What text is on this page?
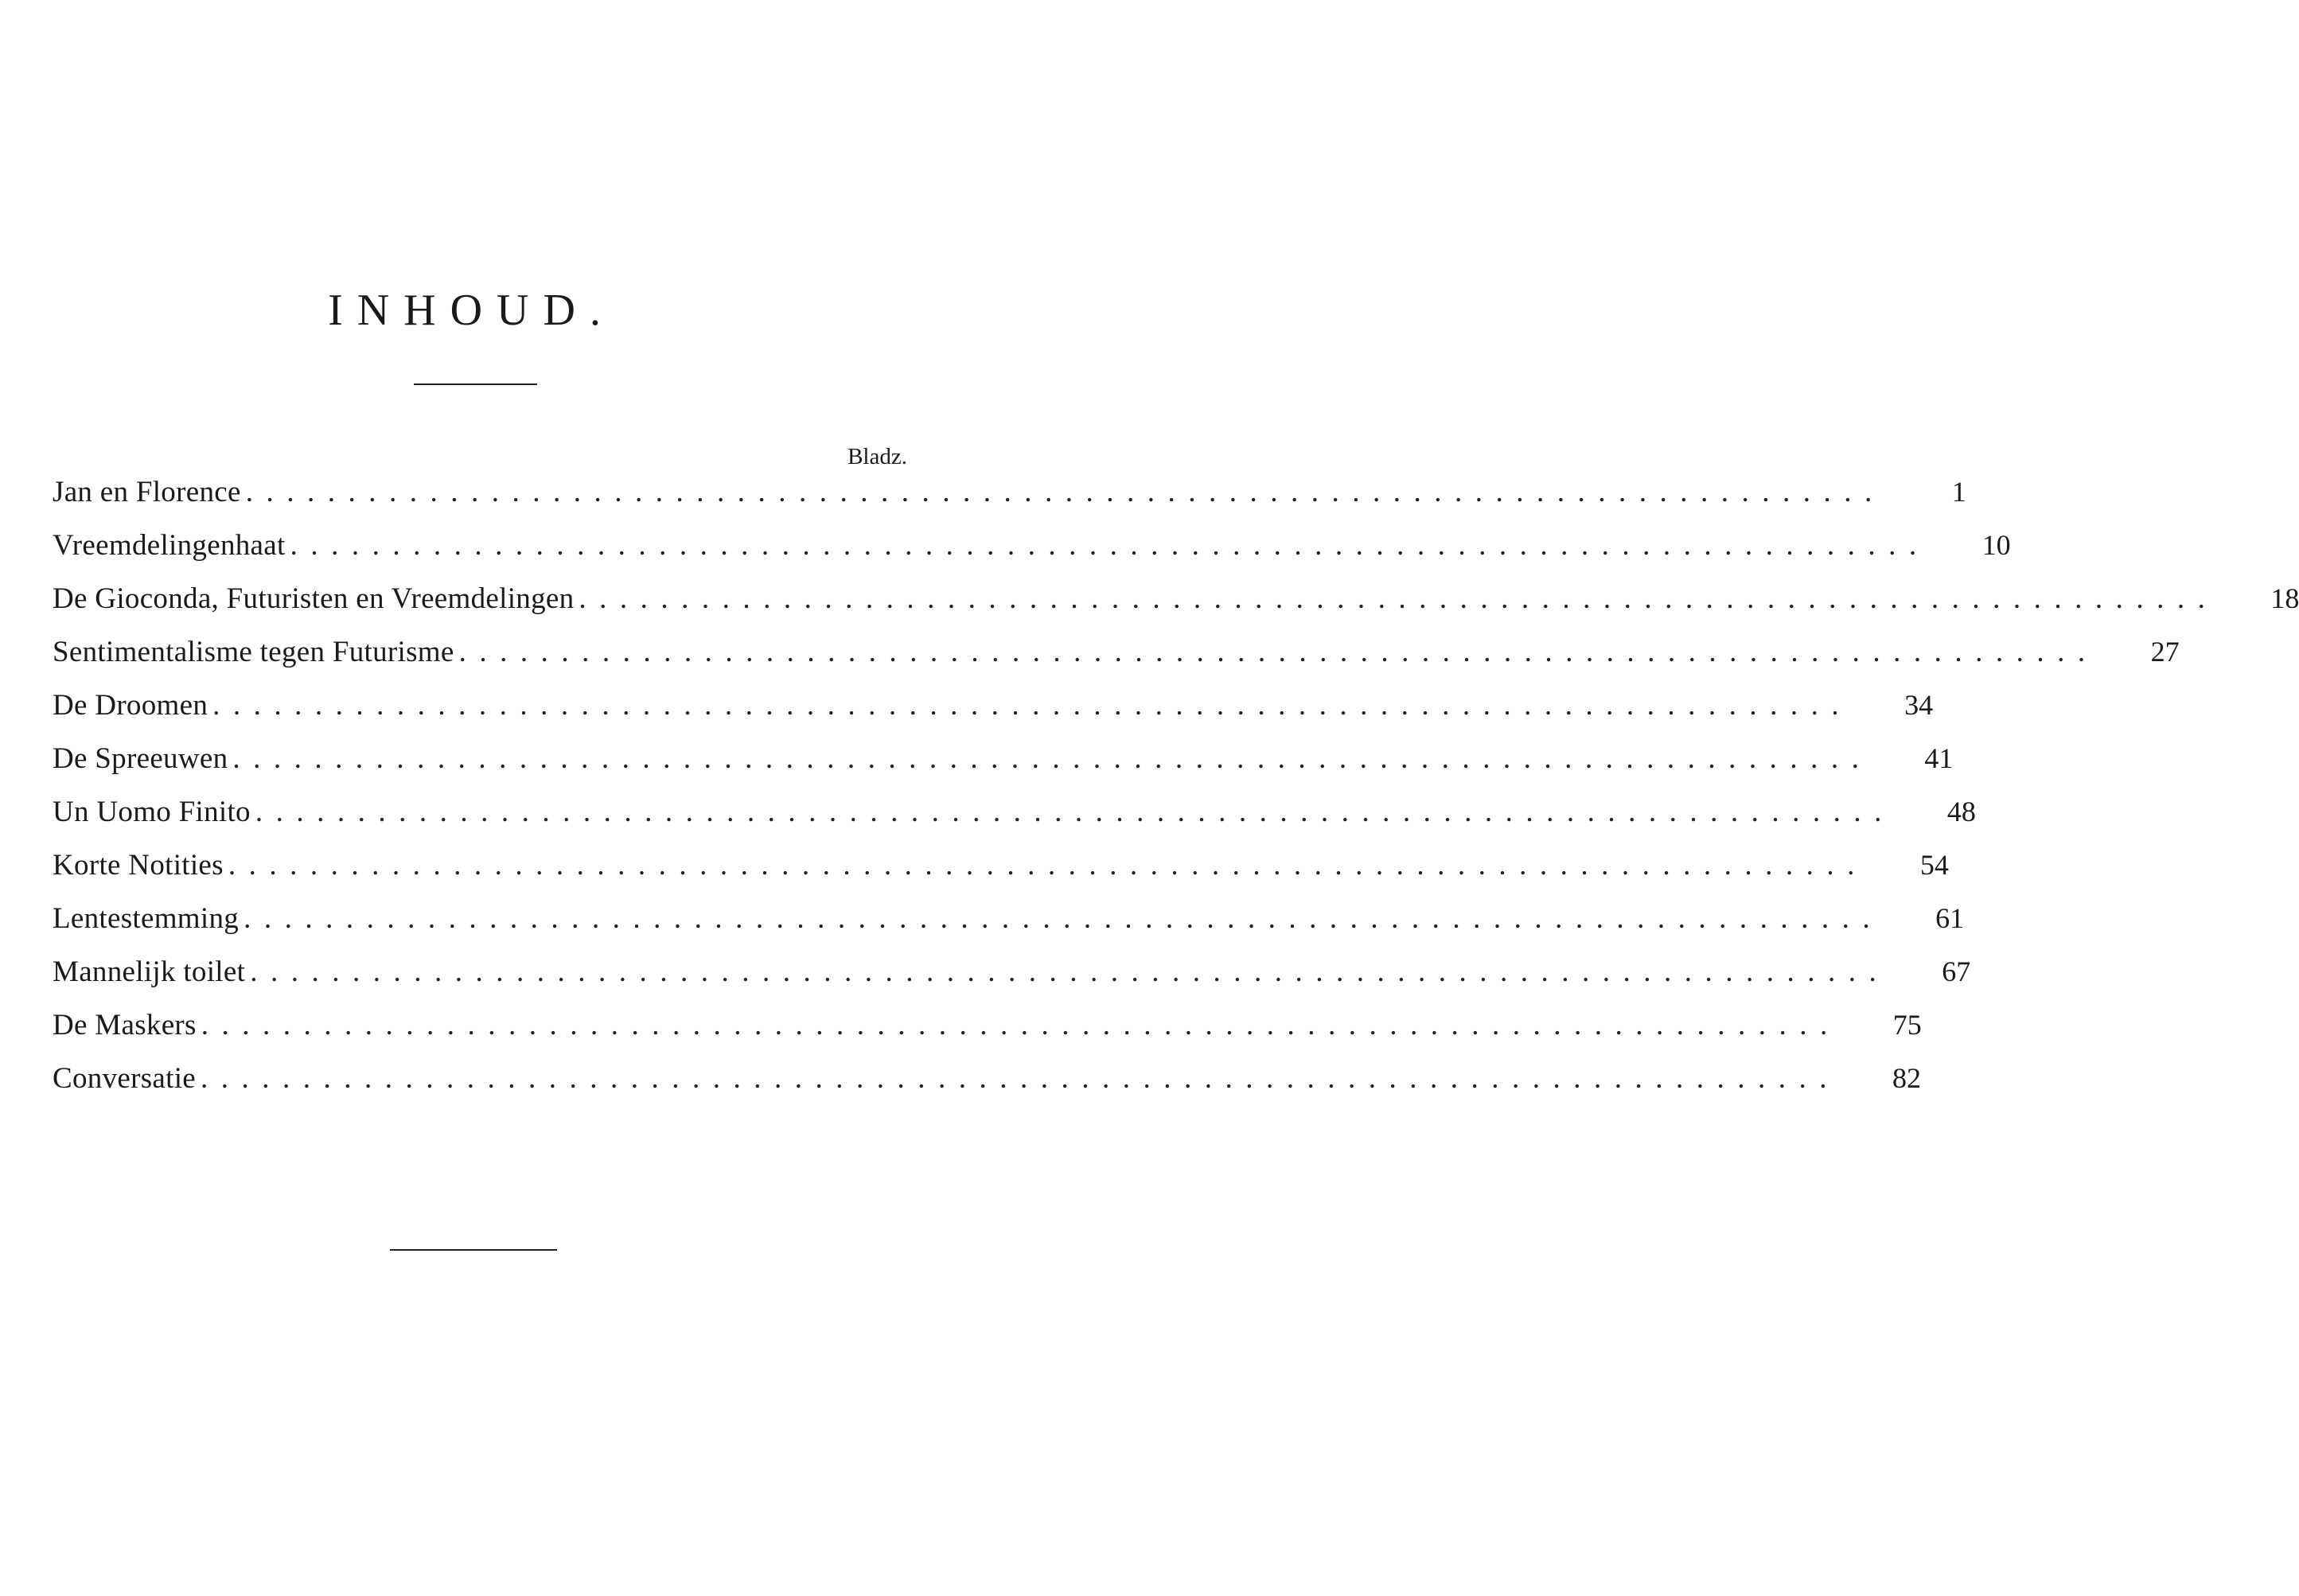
INHOUD.
Bladz.
Jan en Florence ................................................................................	1
Vreemdelingenhaat ................................................................................	10
De Gioconda, Futuristen en Vreemdelingen ................................................................................	18
Sentimentalisme tegen Futurisme ................................................................................	27
De Droomen ................................................................................	34
De Spreeuwen ................................................................................	41
Un Uomo Finito ................................................................................	48
Korte Notities ................................................................................	54
Lentestemming ................................................................................	61
Mannelijk toilet ................................................................................	67
De Maskers ................................................................................	75
Conversatie ................................................................................	82
